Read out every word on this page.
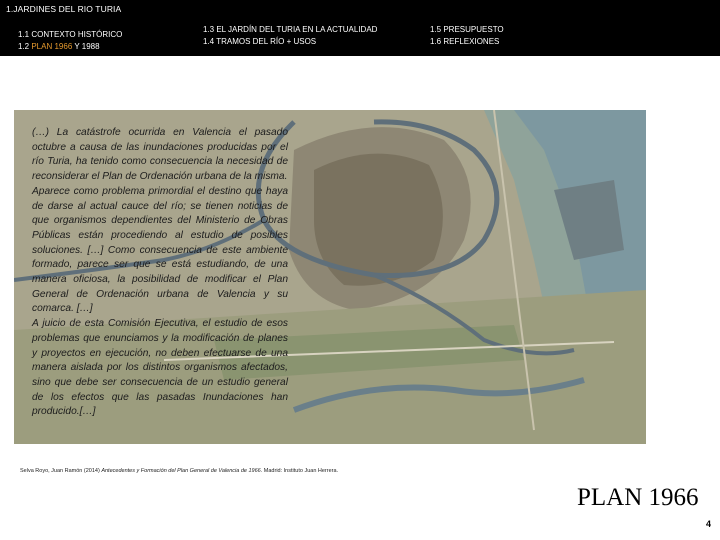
1.JARDINES DEL RIO TURIA
1.1 CONTEXTO HISTÓRICO
1.2 PLAN 1966 Y 1988
1.3 EL JARDÍN DEL TURIA EN LA ACTUALIDAD
1.4 TRAMOS DEL RÍO + USOS
1.5 PRESUPUESTO
1.6 REFLEXIONES

(…) La catástrofe ocurrida en Valencia el pasado octubre a causa de las inundaciones producidas por el río Turia, ha tenido como consecuencia la necesidad de reconsiderar el Plan de Ordenación urbana de la misma.

Aparece como problema primordial el destino que haya de darse al actual cauce del río; se tienen noticias de que organismos dependientes del Ministerio de Obras Públicas están procediendo al estudio de posibles soluciones. […] Como consecuencia de este ambiente formado, parece ser que se está estudiando, de una manera oficiosa, la posibilidad de modificar el Plan General de Ordenación urbana de Valencia y su comarca. […]

A juicio de esta Comisión Ejecutiva, el estudio de esos problemas que enunciamos y la modificación de planes y proyectos en ejecución, no deben efectuarse de una manera aislada por los distintos organismos afectados, sino que debe ser consecuencia de un estudio general de los efectos que las pasadas Inundaciones han producido.[…]

Selva Royo, Juan Ramón (2014) Antecedentes y Formación del Plan General de Valencia de 1966. Madrid: Instituto Juan Herrera.
PLAN 1966
4
